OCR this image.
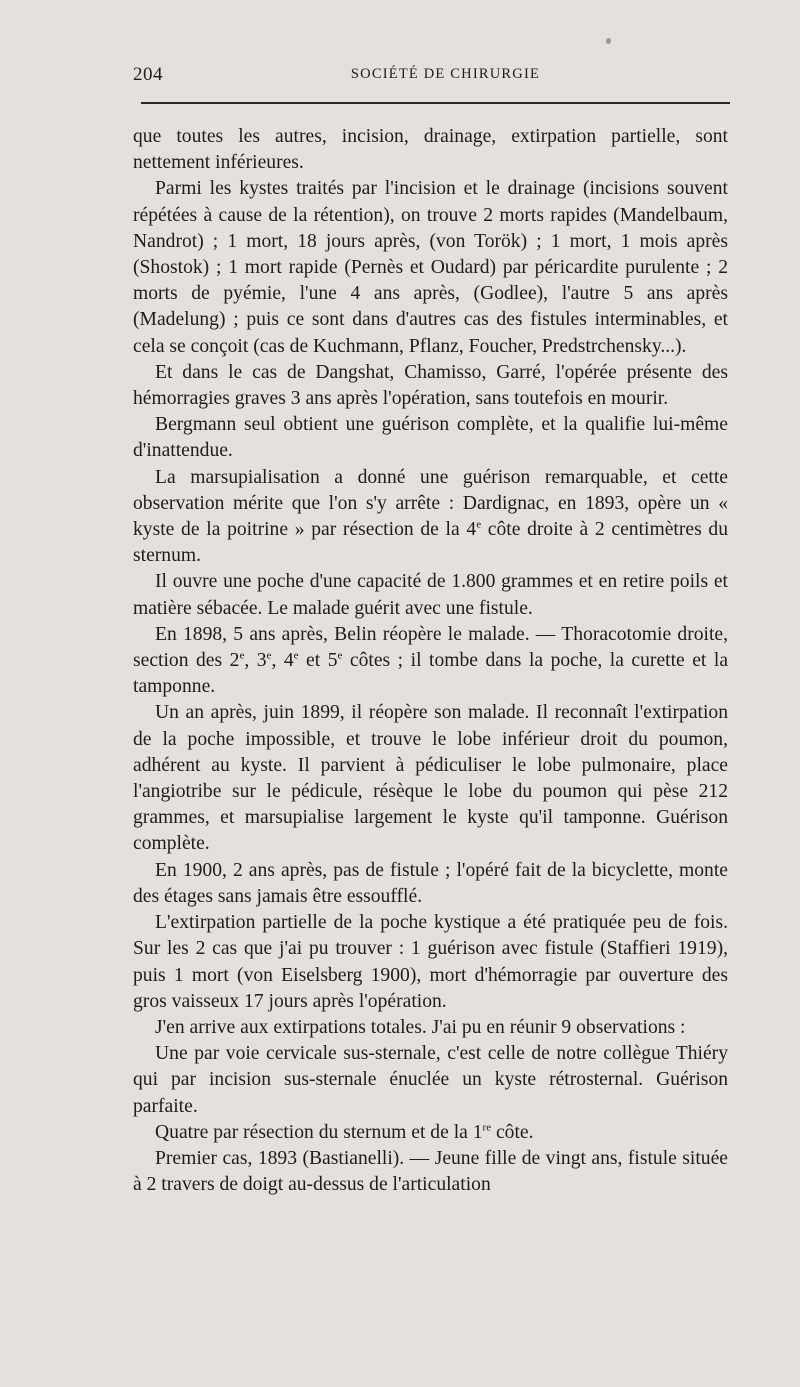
204	SOCIÉTÉ DE CHIRURGIE

que toutes les autres, incision, drainage, extirpation partielle, sont nettement inférieures.

Parmi les kystes traités par l'incision et le drainage (incisions souvent répétées à cause de la rétention), on trouve 2 morts rapides (Mandelbaum, Nandrot) ; 1 mort, 18 jours après, (von Torök) ; 1 mort, 1 mois après (Shostok) ; 1 mort rapide (Pernès et Oudard) par péricardite purulente ; 2 morts de pyémie, l'une 4 ans après, (Godlee), l'autre 5 ans après (Madelung) ; puis ce sont dans d'autres cas des fistules interminables, et cela se conçoit (cas de Kuchmann, Pflanz, Foucher, Predstrchensky...).

Et dans le cas de Dangshat, Chamisso, Garré, l'opérée présente des hémorragies graves 3 ans après l'opération, sans toutefois en mourir.

Bergmann seul obtient une guérison complète, et la qualifie lui-même d'inattendue.

La marsupialisation a donné une guérison remarquable, et cette observation mérite que l'on s'y arrête : Dardignac, en 1893, opère un « kyste de la poitrine » par résection de la 4e côte droite à 2 centimètres du sternum.

Il ouvre une poche d'une capacité de 1.800 grammes et en retire poils et matière sébacée. Le malade guérit avec une fistule.

En 1898, 5 ans après, Belin réopère le malade. — Thoracotomie droite, section des 2e, 3e, 4e et 5e côtes ; il tombe dans la poche, la curette et la tamponne.

Un an après, juin 1899, il réopère son malade. Il reconnaît l'extirpation de la poche impossible, et trouve le lobe inférieur droit du poumon, adhérent au kyste. Il parvient à pédiculiser le lobe pulmonaire, place l'angiotribe sur le pédicule, résèque le lobe du poumon qui pèse 212 grammes, et marsupialise largement le kyste qu'il tamponne. Guérison complète.

En 1900, 2 ans après, pas de fistule ; l'opéré fait de la bicyclette, monte des étages sans jamais être essoufflé.

L'extirpation partielle de la poche kystique a été pratiquée peu de fois. Sur les 2 cas que j'ai pu trouver : 1 guérison avec fistule (Staffieri 1919), puis 1 mort (von Eiselsberg 1900), mort d'hémorragie par ouverture des gros vaisseux 17 jours après l'opération.

J'en arrive aux extirpations totales. J'ai pu en réunir 9 observations :

Une par voie cervicale sus-sternale, c'est celle de notre collègue Thiéry qui par incision sus-sternale énuclée un kyste rétrosternal. Guérison parfaite.

Quatre par résection du sternum et de la 1re côte.

Premier cas, 1893 (Bastianelli). — Jeune fille de vingt ans, fistule située à 2 travers de doigt au-dessus de l'articulation
